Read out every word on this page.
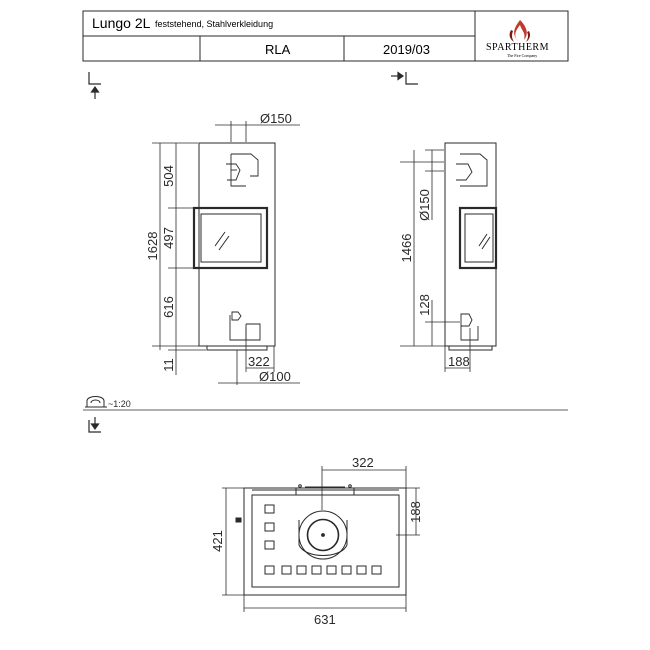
Lungo 2L feststehend, Stahlverkleidung
RLA	2019/03	SPARTHERM
The Fire Company
Ø150
504
497
616
11
1628
322
Ø100
1466
Ø150
128
188
~1:20
322
188
421
631
